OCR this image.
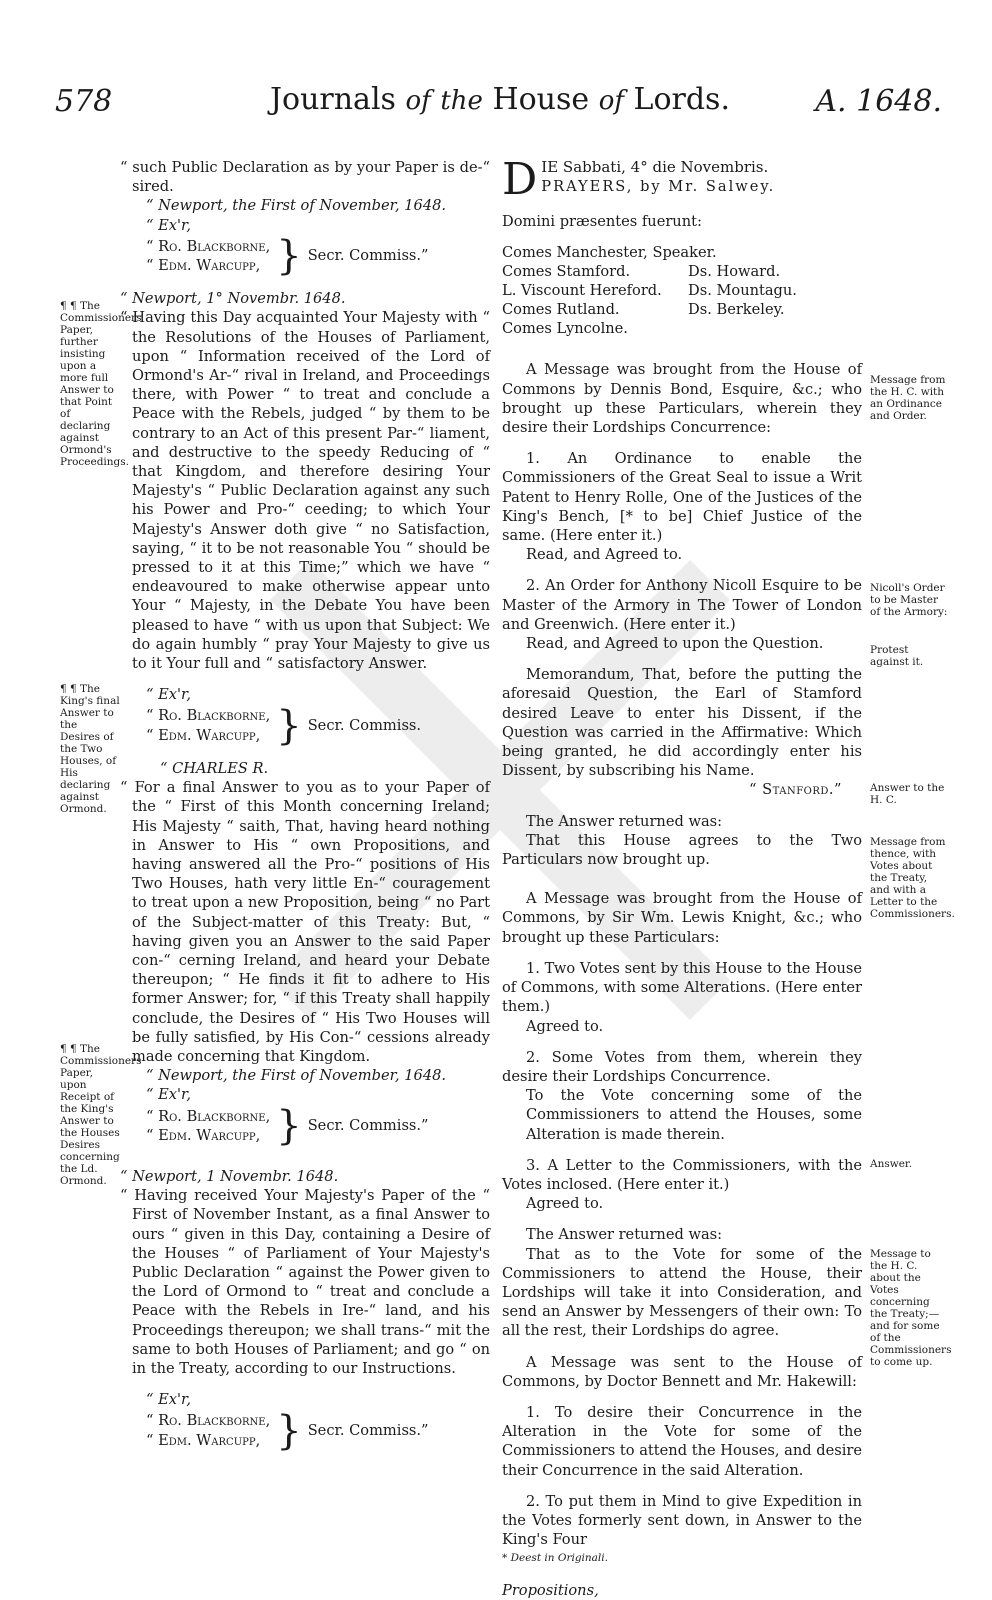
578	Journals of the House of Lords.	A. 1648.
¶ ¶ The Commissioners Paper, further insisting upon a more full Answer to that Point of declaring against Ormond's Proceedings.
¶ ¶ The King's final Answer to the Desires of the Two Houses, of His declaring against Ormond.
¶ ¶ The Commissioners Paper, upon Receipt of the King's Answer to the Houses Desires concerning the Ld. Ormond.

“ such Public Declaration as by your Paper is de-“ sired.

“ Newport, the First of November, 1648.

“ Ex'r,

“ Ro. Blackborne,
“ Edm. Warcupp, } Secr. Commiss.”

“ Newport, 1° Novembr. 1648.

“ Having this Day acquainted Your Majesty with “ the Resolutions of the Houses of Parliament, upon “ Information received of the Lord of Ormond's Ar-“ rival in Ireland, and Proceedings there, with Power “ to treat and conclude a Peace with the Rebels, judged “ by them to be contrary to an Act of this present Par-“ liament, and destructive to the speedy Reducing of “ that Kingdom, and therefore desiring Your Majesty's “ Public Declaration against any such his Power and Pro-“ ceeding; to which Your Majesty's Answer doth give “ no Satisfaction, saying, “ it to be not reasonable You “ should be pressed to it at this Time;” which we have “ endeavoured to make otherwise appear unto Your “ Majesty, in the Debate You have been pleased to have “ with us upon that Subject: We do again humbly “ pray Your Majesty to give us to it Your full and “ satisfactory Answer.

“ Ex'r,

“ Ro. Blackborne,
“ Edm. Warcupp, } Secr. Commiss.

“ CHARLES R.

“ For a final Answer to you as to your Paper of the “ First of this Month concerning Ireland; His Majesty “ saith, That, having heard nothing in Answer to His “ own Propositions, and having answered all the Pro-“ positions of His Two Houses, hath very little En-“ couragement to treat upon a new Proposition, being “ no Part of the Subject-matter of this Treaty: But, “ having given you an Answer to the said Paper con-“ cerning Ireland, and heard your Debate thereupon; “ He finds it fit to adhere to His former Answer; for, “ if this Treaty shall happily conclude, the Desires of “ His Two Houses will be fully satisfied, by His Con-“ cessions already made concerning that Kingdom.

“ Newport, the First of November, 1648.

“ Ex'r,

“ Ro. Blackborne,
“ Edm. Warcupp, } Secr. Commiss.”

“ Newport, 1 Novembr. 1648.

“ Having received Your Majesty's Paper of the “ First of November Instant, as a final Answer to ours “ given in this Day, containing a Desire of the Houses “ of Parliament of Your Majesty's Public Declaration “ against the Power given to the Lord of Ormond to “ treat and conclude a Peace with the Rebels in Ire-“ land, and his Proceedings thereupon; we shall trans-“ mit the same to both Houses of Parliament; and go “ on in the Treaty, according to our Instructions.

“ Ex'r,

“ Ro. Blackborne,
“ Edm. Warcupp, } Secr. Commiss.”
Message from the H. C. with an Ordinance and Order.
Nicoll's Order to be Master of the Armory:
Protest against it.
Answer to the H. C.
Message from thence, with Votes about the Treaty, and with a Letter to the Commissioners.
Answer.
Message to the H. C. about the Votes concerning the Treaty;—and for some of the Commissioners to come up.

D IE Sabbati, 4° die Novembris.

PRAYERS, by Mr. Salwey.

Domini præsentes fuerunt:

Comes Manchester, Speaker.

Comes Stamford.
L. Viscount Hereford.
Comes Rutland.
Comes Lyncolne.
Ds. Howard.
Ds. Mountagu.
Ds. Berkeley.

A Message was brought from the House of Commons by Dennis Bond, Esquire, &c.; who brought up these Particulars, wherein they desire their Lordships Concurrence:

1. An Ordinance to enable the Commissioners of the Great Seal to issue a Writ Patent to Henry Rolle, One of the Justices of the King's Bench, [* to be] Chief Justice of the same. (Here enter it.)

Read, and Agreed to.

2. An Order for Anthony Nicoll Esquire to be Master of the Armory in The Tower of London and Greenwich. (Here enter it.)

Read, and Agreed to upon the Question.

Memorandum, That, before the putting the aforesaid Question, the Earl of Stamford desired Leave to enter his Dissent, if the Question was carried in the Affirmative: Which being granted, he did accordingly enter his Dissent, by subscribing his Name.

“ Stanford.”

The Answer returned was:

That this House agrees to the Two Particulars now brought up.

A Message was brought from the House of Commons, by Sir Wm. Lewis Knight, &c.; who brought up these Particulars:

1. Two Votes sent by this House to the House of Commons, with some Alterations. (Here enter them.)

Agreed to.

2. Some Votes from them, wherein they desire their Lordships Concurrence.

To the Vote concerning some of the Commissioners to attend the Houses, some Alteration is made therein.

3. A Letter to the Commissioners, with the Votes inclosed. (Here enter it.)

Agreed to.

The Answer returned was:

That as to the Vote for some of the Commissioners to attend the House, their Lordships will take it into Consideration, and send an Answer by Messengers of their own: To all the rest, their Lordships do agree.

A Message was sent to the House of Commons, by Doctor Bennett and Mr. Hakewill:

1. To desire their Concurrence in the Alteration in the Vote for some of the Commissioners to attend the Houses, and desire their Concurrence in the said Alteration.

2. To put them in Mind to give Expedition in the Votes formerly sent down, in Answer to the King's Four

* Deest in Originali.

Propositions,
